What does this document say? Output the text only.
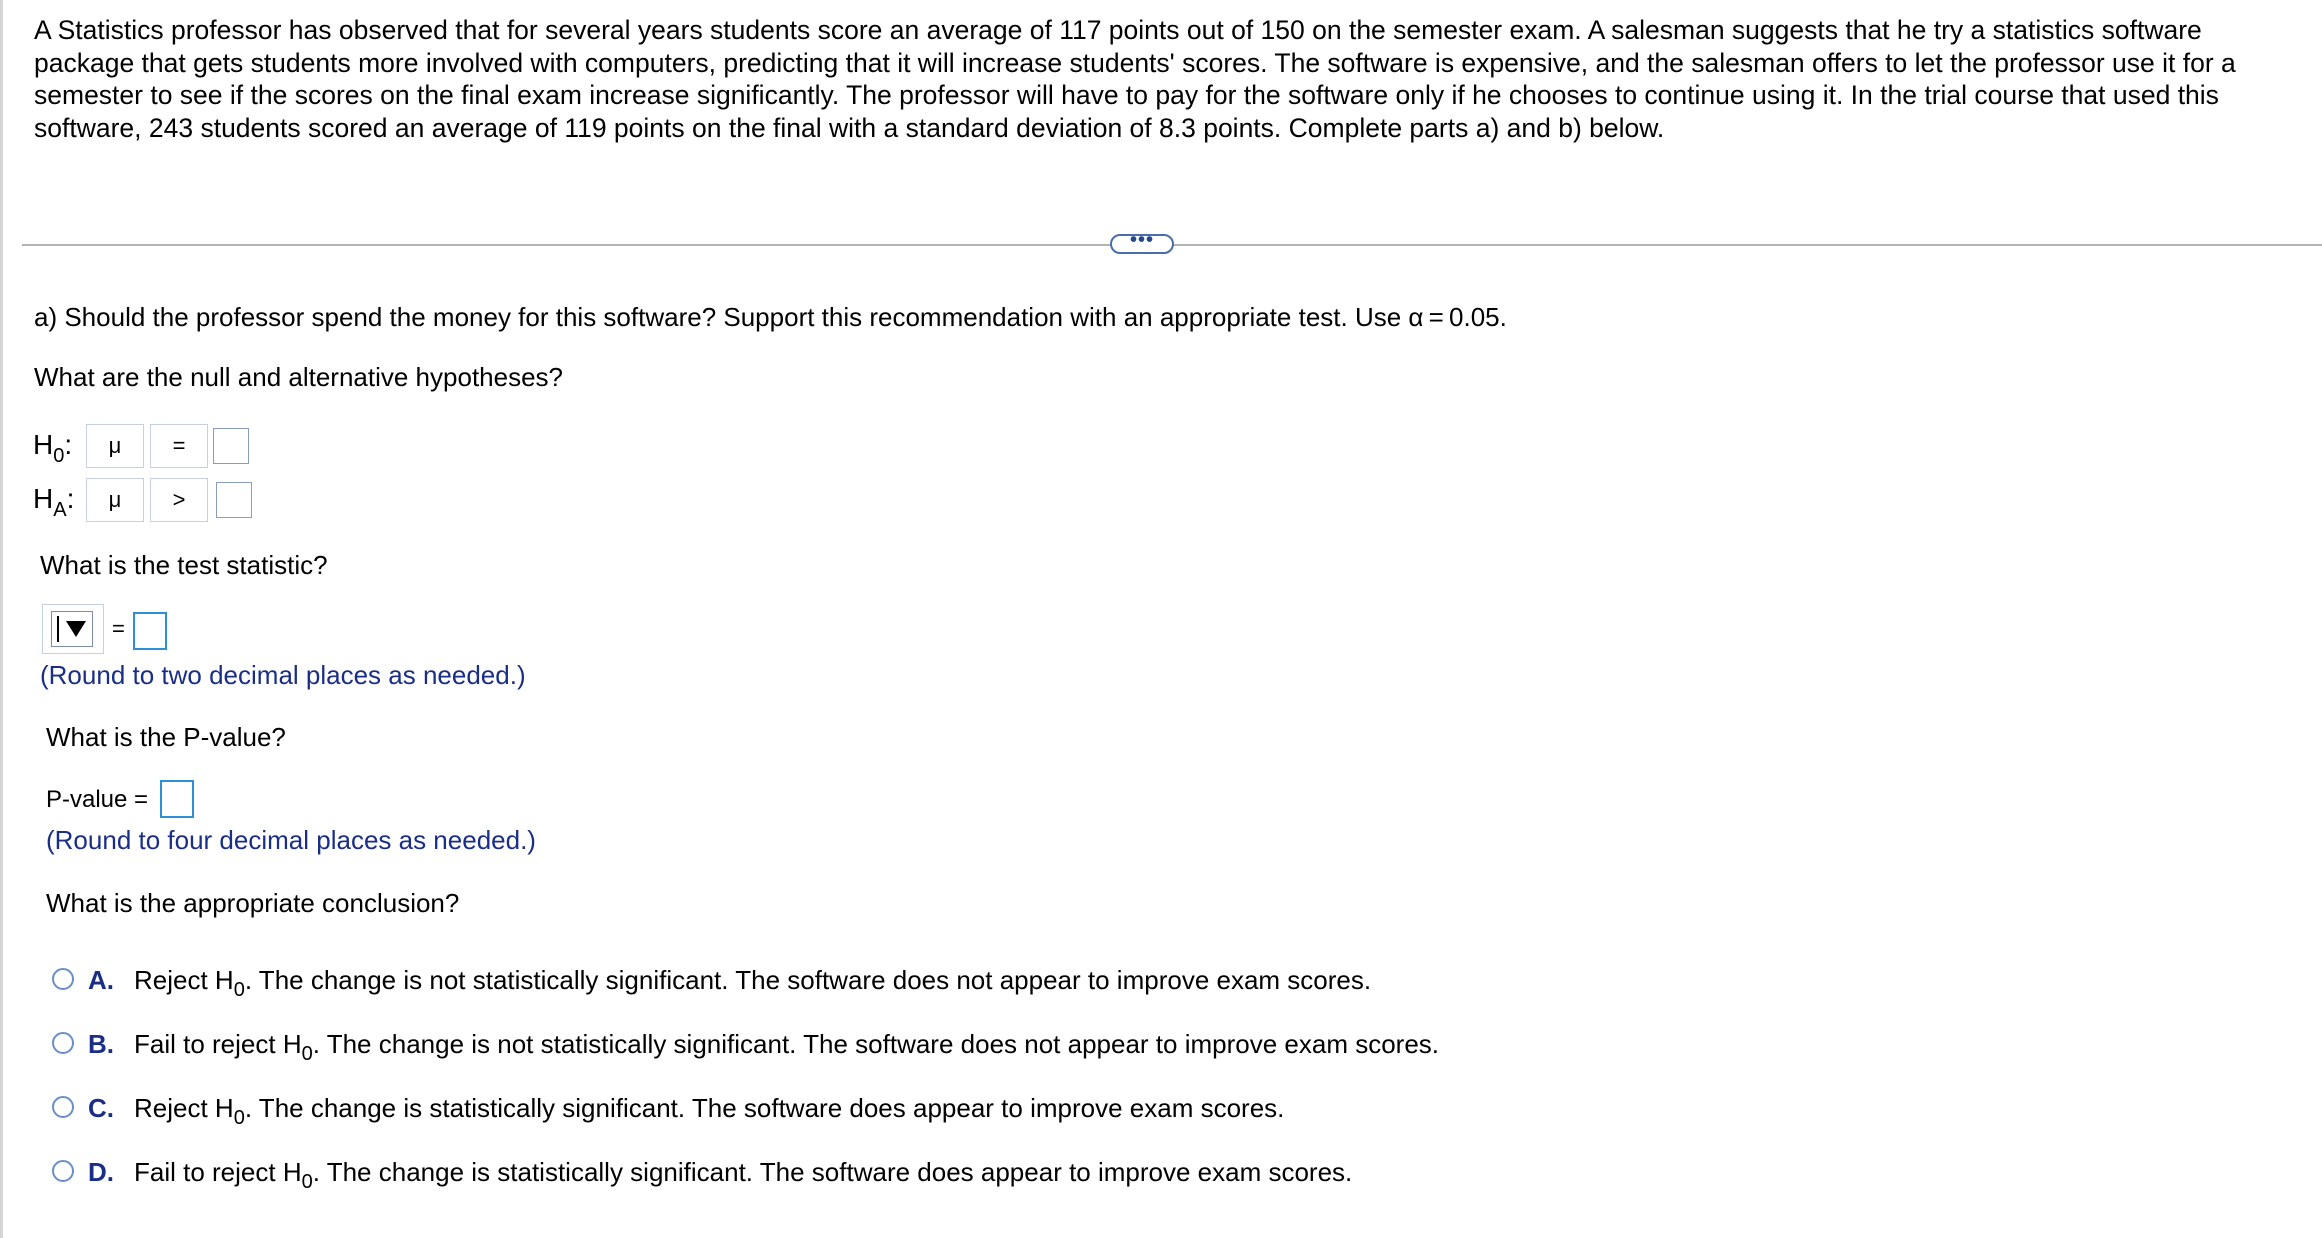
A Statistics professor has observed that for several years students score an average of 117 points out of 150 on the semester exam. A salesman suggests that he try a statistics software package that gets students more involved with computers, predicting that it will increase students' scores. The software is expensive, and the salesman offers to let the professor use it for a semester to see if the scores on the final exam increase significantly. The professor will have to pay for the software only if he chooses to continue using it. In the trial course that used this software, 243 students scored an average of 119 points on the final with a standard deviation of 8.3 points. Complete parts a) and b) below.
•••
a) Should the professor spend the money for this software? Support this recommendation with an appropriate test. Use α = 0.05.
What are the null and alternative hypotheses?
$H_0$:	μ	=
$H_A$:	μ	>
What is the test statistic?
=
(Round to two decimal places as needed.)
What is the P-value?
P-value =
(Round to four decimal places as needed.)
What is the appropriate conclusion?
A. Reject $H_0$. The change is not statistically significant. The software does not appear to improve exam scores.
B. Fail to reject $H_0$. The change is not statistically significant. The software does not appear to improve exam scores.
C. Reject $H_0$. The change is statistically significant. The software does appear to improve exam scores.
D. Fail to reject $H_0$. The change is statistically significant. The software does appear to improve exam scores.
